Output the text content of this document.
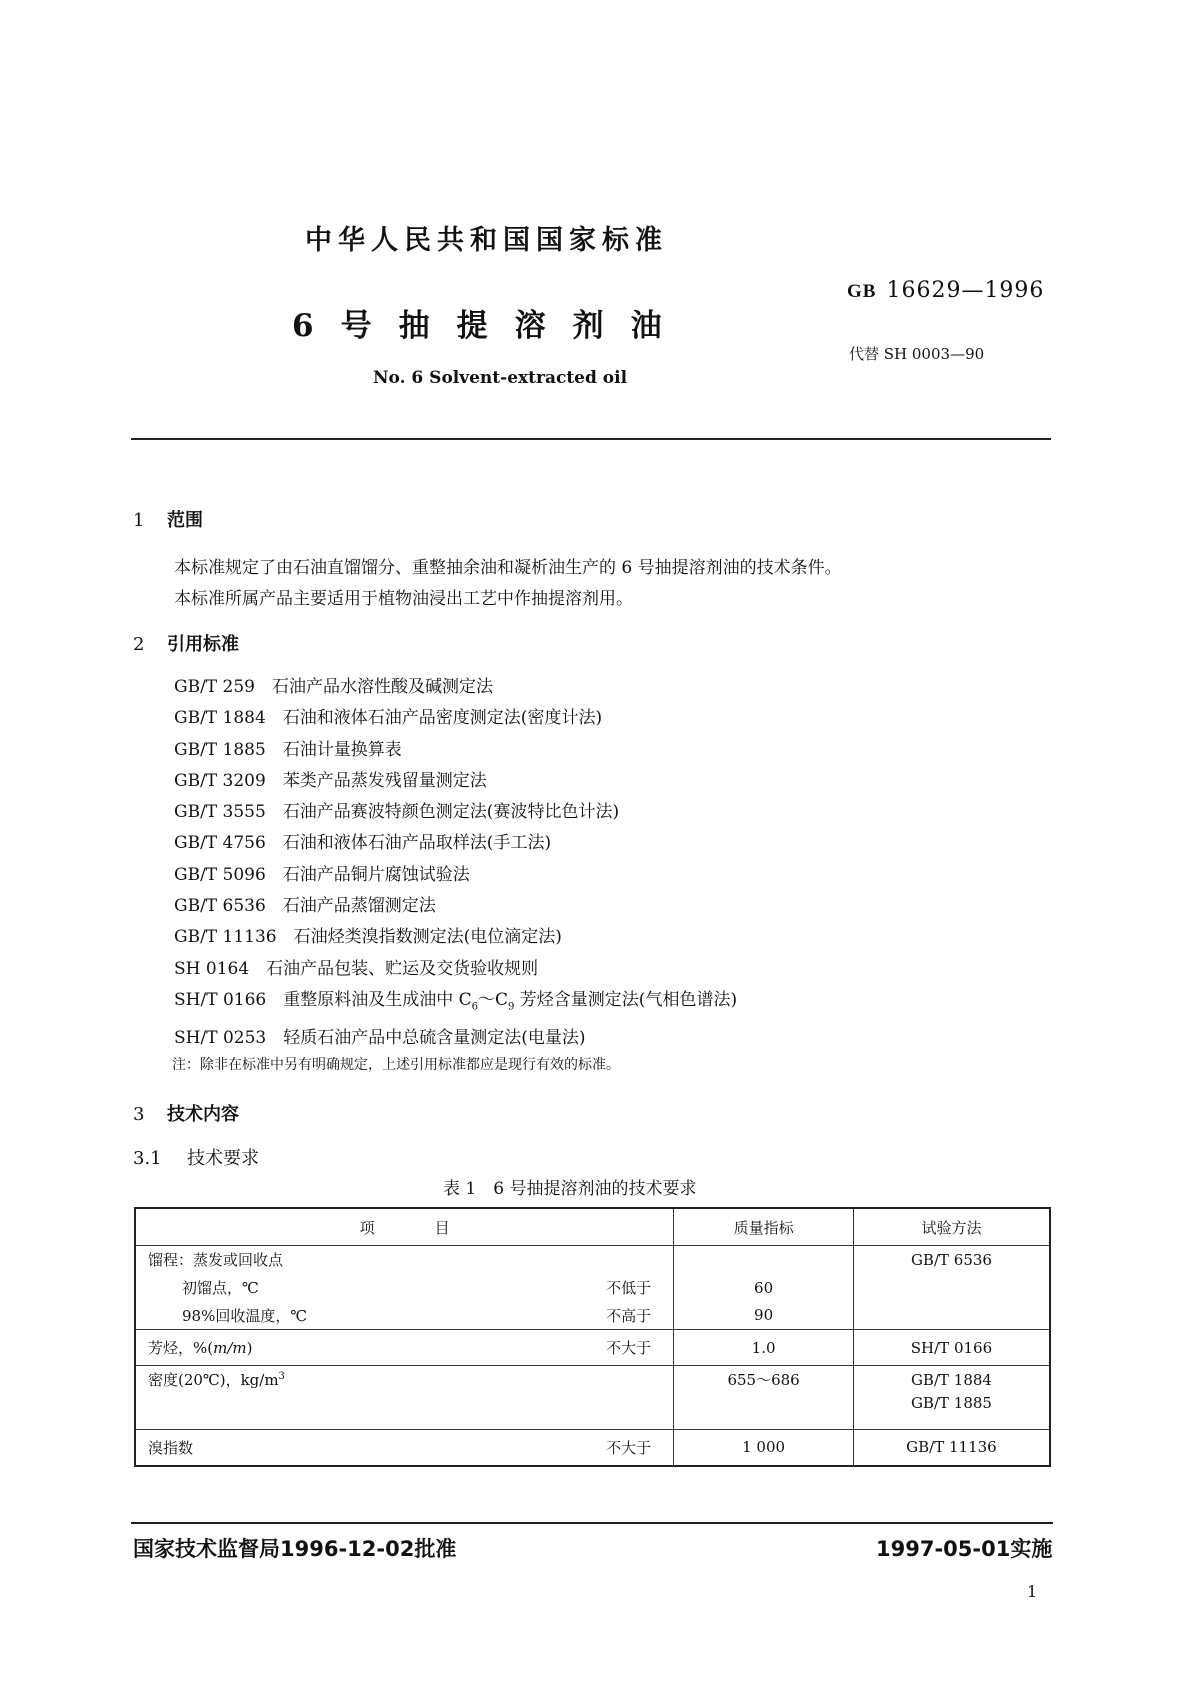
中华人民共和国国家标准
6号抽提溶剂油
No. 6 Solvent-extracted oil
GB 16629—1996
代替 SH 0003—90
1 范围
本标准规定了由石油直馏馏分、重整抽余油和凝析油生产的 6 号抽提溶剂油的技术条件。
本标准所属产品主要适用于植物油浸出工艺中作抽提溶剂用。
2 引用标准
GB/T 259　 石油产品水溶性酸及碱测定法
GB/T 1884　 石油和液体石油产品密度测定法(密度计法)
GB/T 1885　 石油计量换算表
GB/T 3209　 苯类产品蒸发残留量测定法
GB/T 3555　 石油产品赛波特颜色测定法(赛波特比色计法)
GB/T 4756　 石油和液体石油产品取样法(手工法)
GB/T 5096　 石油产品铜片腐蚀试验法
GB/T 6536　 石油产品蒸馏测定法
GB/T 11136　 石油烃类溴指数测定法(电位滴定法)
SH 0164　 石油产品包装、贮运及交货验收规则
SH/T 0166　 重整原料油及生成油中 $C_6\sim C_9$ 芳烃含量测定法(气相色谱法)
SH/T 0253　 轻质石油产品中总硫含量测定法(电量法)
注：除非在标准中另有明确规定，上述引用标准都应是现行有效的标准。
3 技术内容
3.1 技术要求
表 1　6 号抽提溶剂油的技术要求
项　　　　目		质量指标	试验方法
馏程：蒸发或回收点			GB/T 6536
初馏点，℃	不低于	60	
98%回收温度，℃	不高于	90	
芳烃，%(m/m)	不大于	1.0	SH/T 0166
密度(20℃)，$kg/m^3$		655～686	GB/T 1884
			GB/T 1885
溴指数	不大于	1 000	GB/T 11136
国家技术监督局1996-12-02批准	1997-05-01实施
1
